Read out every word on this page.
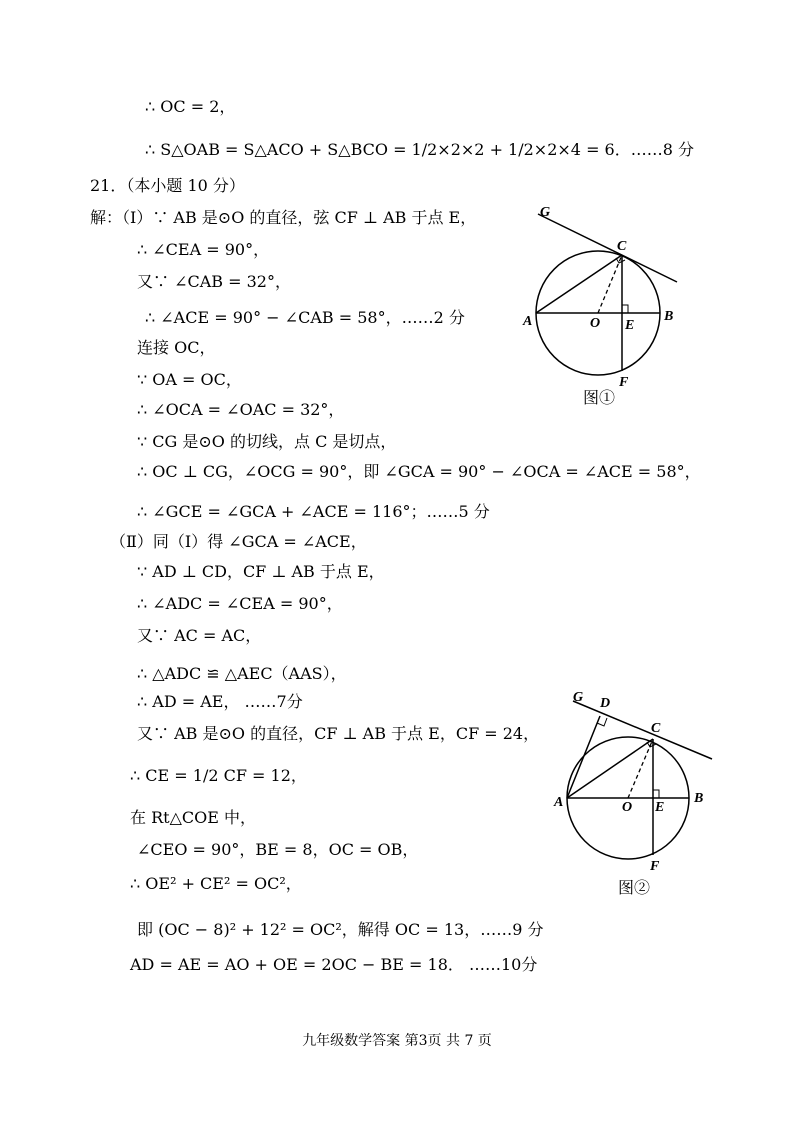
∴ OC = 2，
∴ S△OAB = S△ACO + S△BCO = 1/2×2×2 + 1/2×2×4 = 6．……8 分
21．（本小题 10 分）
解：（Ⅰ）∵ AB 是⊙O 的直径，弦 CF ⊥ AB 于点 E，
∴ ∠CEA = 90°，
又∵ ∠CAB = 32°，
∴ ∠ACE = 90° − ∠CAB = 58°，……2 分
连接 OC，
∵ OA = OC，
∴ ∠OCA = ∠OAC = 32°，
∵ CG 是⊙O 的切线，点 C 是切点，
∴ OC ⊥ CG，∠OCG = 90°，即 ∠GCA = 90° − ∠OCA = ∠ACE = 58°，
∴ ∠GCE = ∠GCA + ∠ACE = 116°；……5 分
（Ⅱ）同（Ⅰ）得 ∠GCA = ∠ACE，
∵ AD ⊥ CD，CF ⊥ AB 于点 E，
∴ ∠ADC = ∠CEA = 90°，
又∵ AC = AC，
∴ △ADC ≌ △AEC（AAS），
∴ AD = AE， ……7分
又∵ AB 是⊙O 的直径，CF ⊥ AB 于点 E，CF = 24，
∴ CE = 1/2 CF = 12，
在 Rt△COE 中，
∠CEO = 90°，BE = 8，OC = OB，
∴ OE² + CE² = OC²，
即 (OC − 8)² + 12² = OC²，解得 OC = 13，……9 分
AD = AE = AO + OE = 2OC − BE = 18． ……10分
G
C
A	O E
B
F
图①
G D
C
A	O E
B
F
图②
九年级数学答案 第3页 共 7 页
